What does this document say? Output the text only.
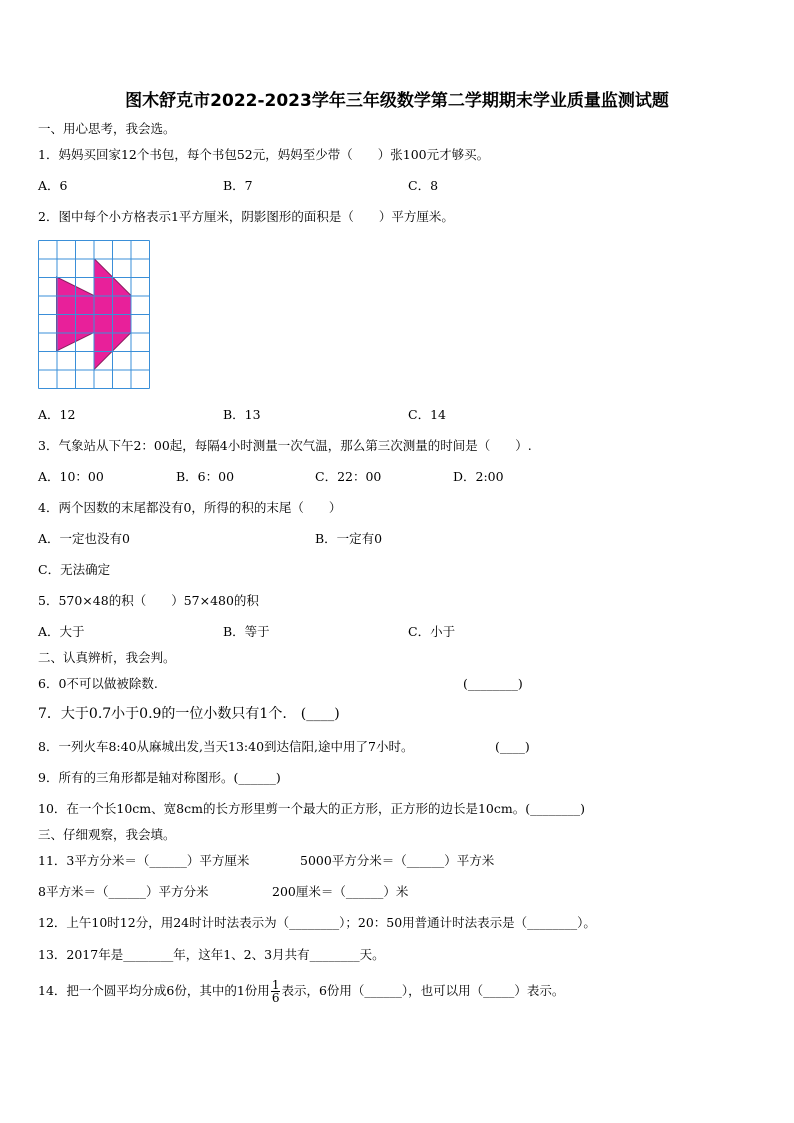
图木舒克市2022-2023学年三年级数学第二学期期末学业质量监测试题
一、用心思考，我会选。
1．妈妈买回家12个书包，每个书包52元，妈妈至少带（　　）张100元才够买。
A．6	B．7	C．8
2．图中每个小方格表示1平方厘米，阴影图形的面积是（　　）平方厘米。
A．12	B．13	C．14
3．气象站从下午2：00起，每隔4小时测量一次气温，那么第三次测量的时间是（　　）.
A．10：00	B．6：00	C．22：00	D．2:00
4．两个因数的末尾都没有0，所得的积的末尾（　　）
A．一定也没有0	B．一定有0
C．无法确定
5．570×48的积（　　）57×480的积
A．大于	B．等于	C．小于
二、认真辨析，我会判。
6．0不可以做被除数.	(________)
7．大于0.7小于0.9的一位小数只有1个.　(____)
8．一列火车8:40从麻城出发,当天13:40到达信阳,途中用了7小时。	(____)
9．所有的三角形都是轴对称图形。(______)
10．在一个长10cm、宽8cm的长方形里剪一个最大的正方形，正方形的边长是10cm。(________)
三、仔细观察，我会填。
11．3平方分米＝（______）平方厘米	5000平方分米＝（______）平方米
8平方米＝（______）平方分米	200厘米＝（______）米
12．上午10时12分，用24时计时法表示为（________）；20：50用普通计时法表示是（________）。
13．2017年是________年，这年1、2、3月共有________天。
14．把一个圆平均分成6份，其中的1份用 $\frac{1}{6}$ 表示，6份用（______），也可以用（_____）表示。
